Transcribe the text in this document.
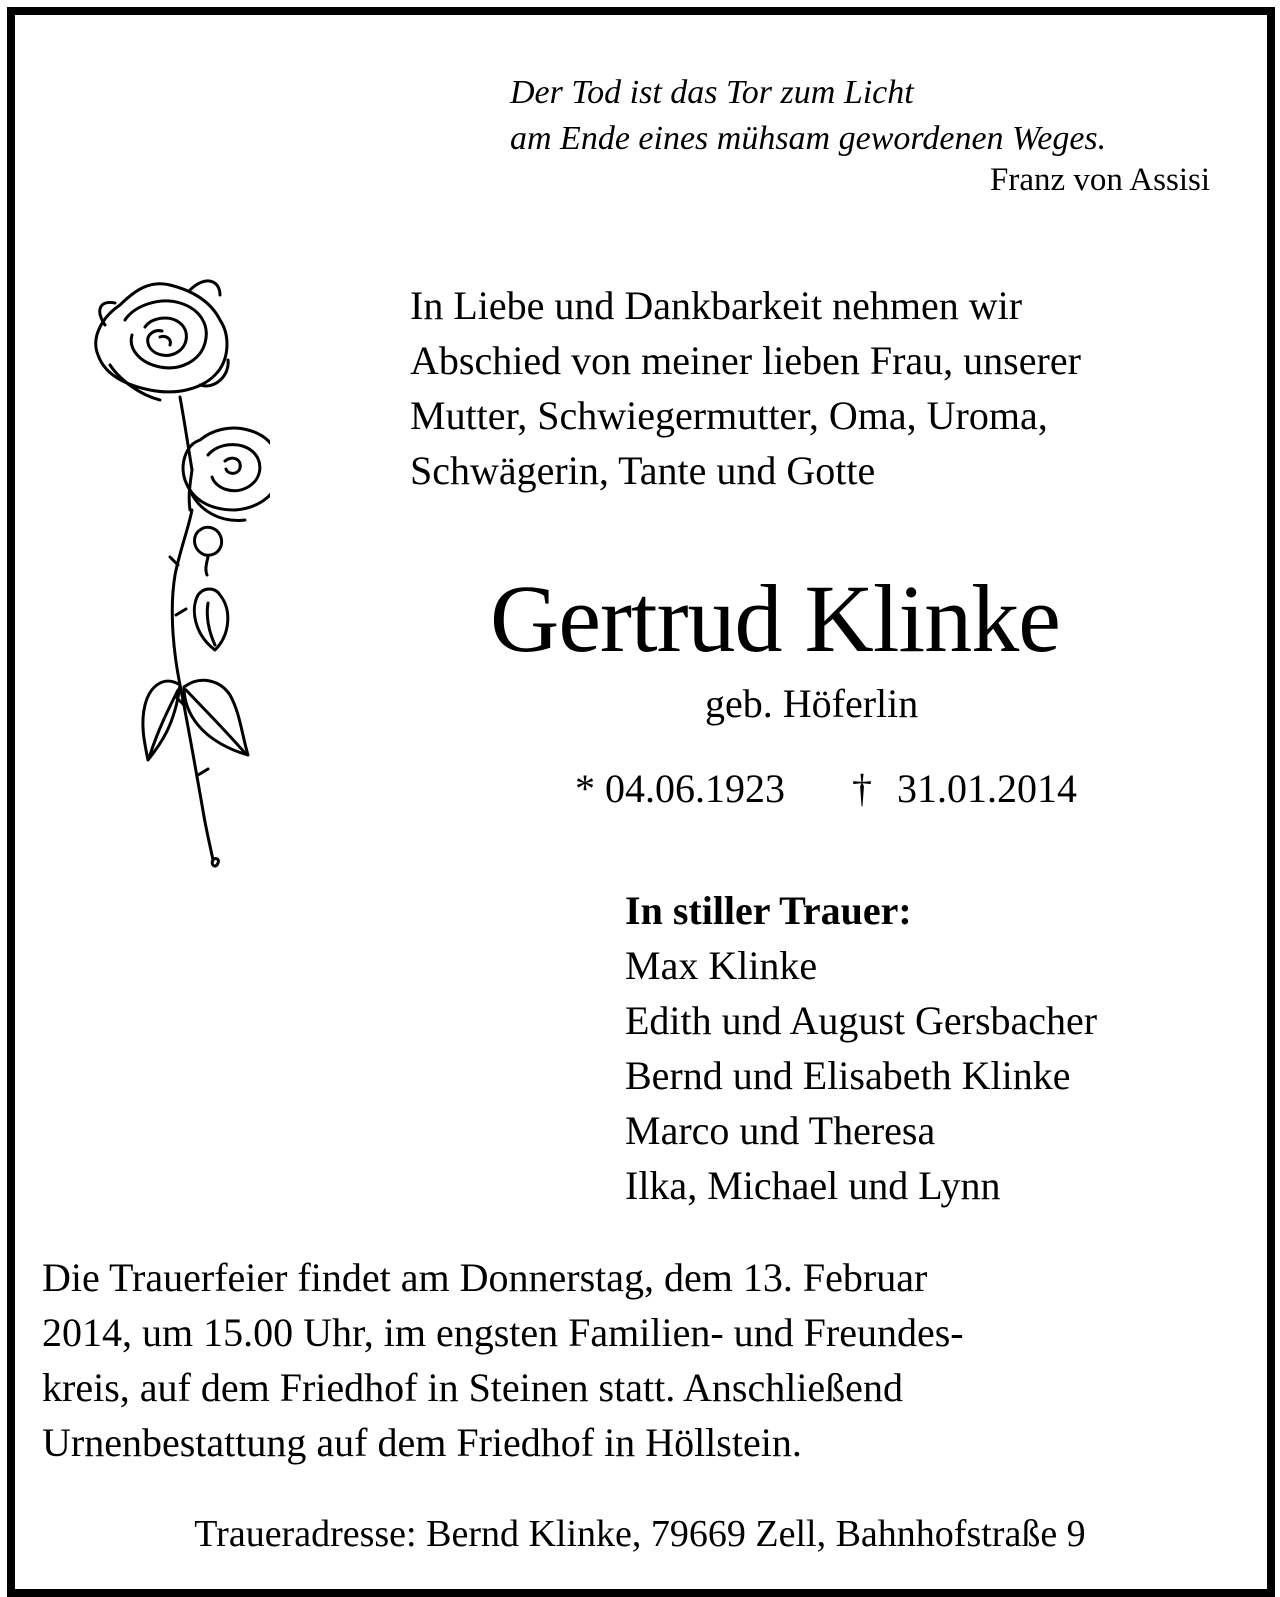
Der Tod ist das Tor zum Licht
am Ende eines mühsam gewordenen Weges.
Franz von Assisi
In Liebe und Dankbarkeit nehmen wir
Abschied von meiner lieben Frau, unserer
Mutter, Schwiegermutter, Oma, Uroma,
Schwägerin, Tante und Gotte
Gertrud Klinke
geb. Höferlin
* 04.06.1923 † 31.01.2014
In stiller Trauer:
Max Klinke
Edith und August Gersbacher
Bernd und Elisabeth Klinke
Marco und Theresa
Ilka, Michael und Lynn
Die Trauerfeier findet am Donnerstag, dem 13. Februar
2014, um 15.00 Uhr, im engsten Familien- und Freundes-
kreis, auf dem Friedhof in Steinen statt. Anschließend
Urnenbestattung auf dem Friedhof in Höllstein.
Traueradresse: Bernd Klinke, 79669 Zell, Bahnhofstraße 9
